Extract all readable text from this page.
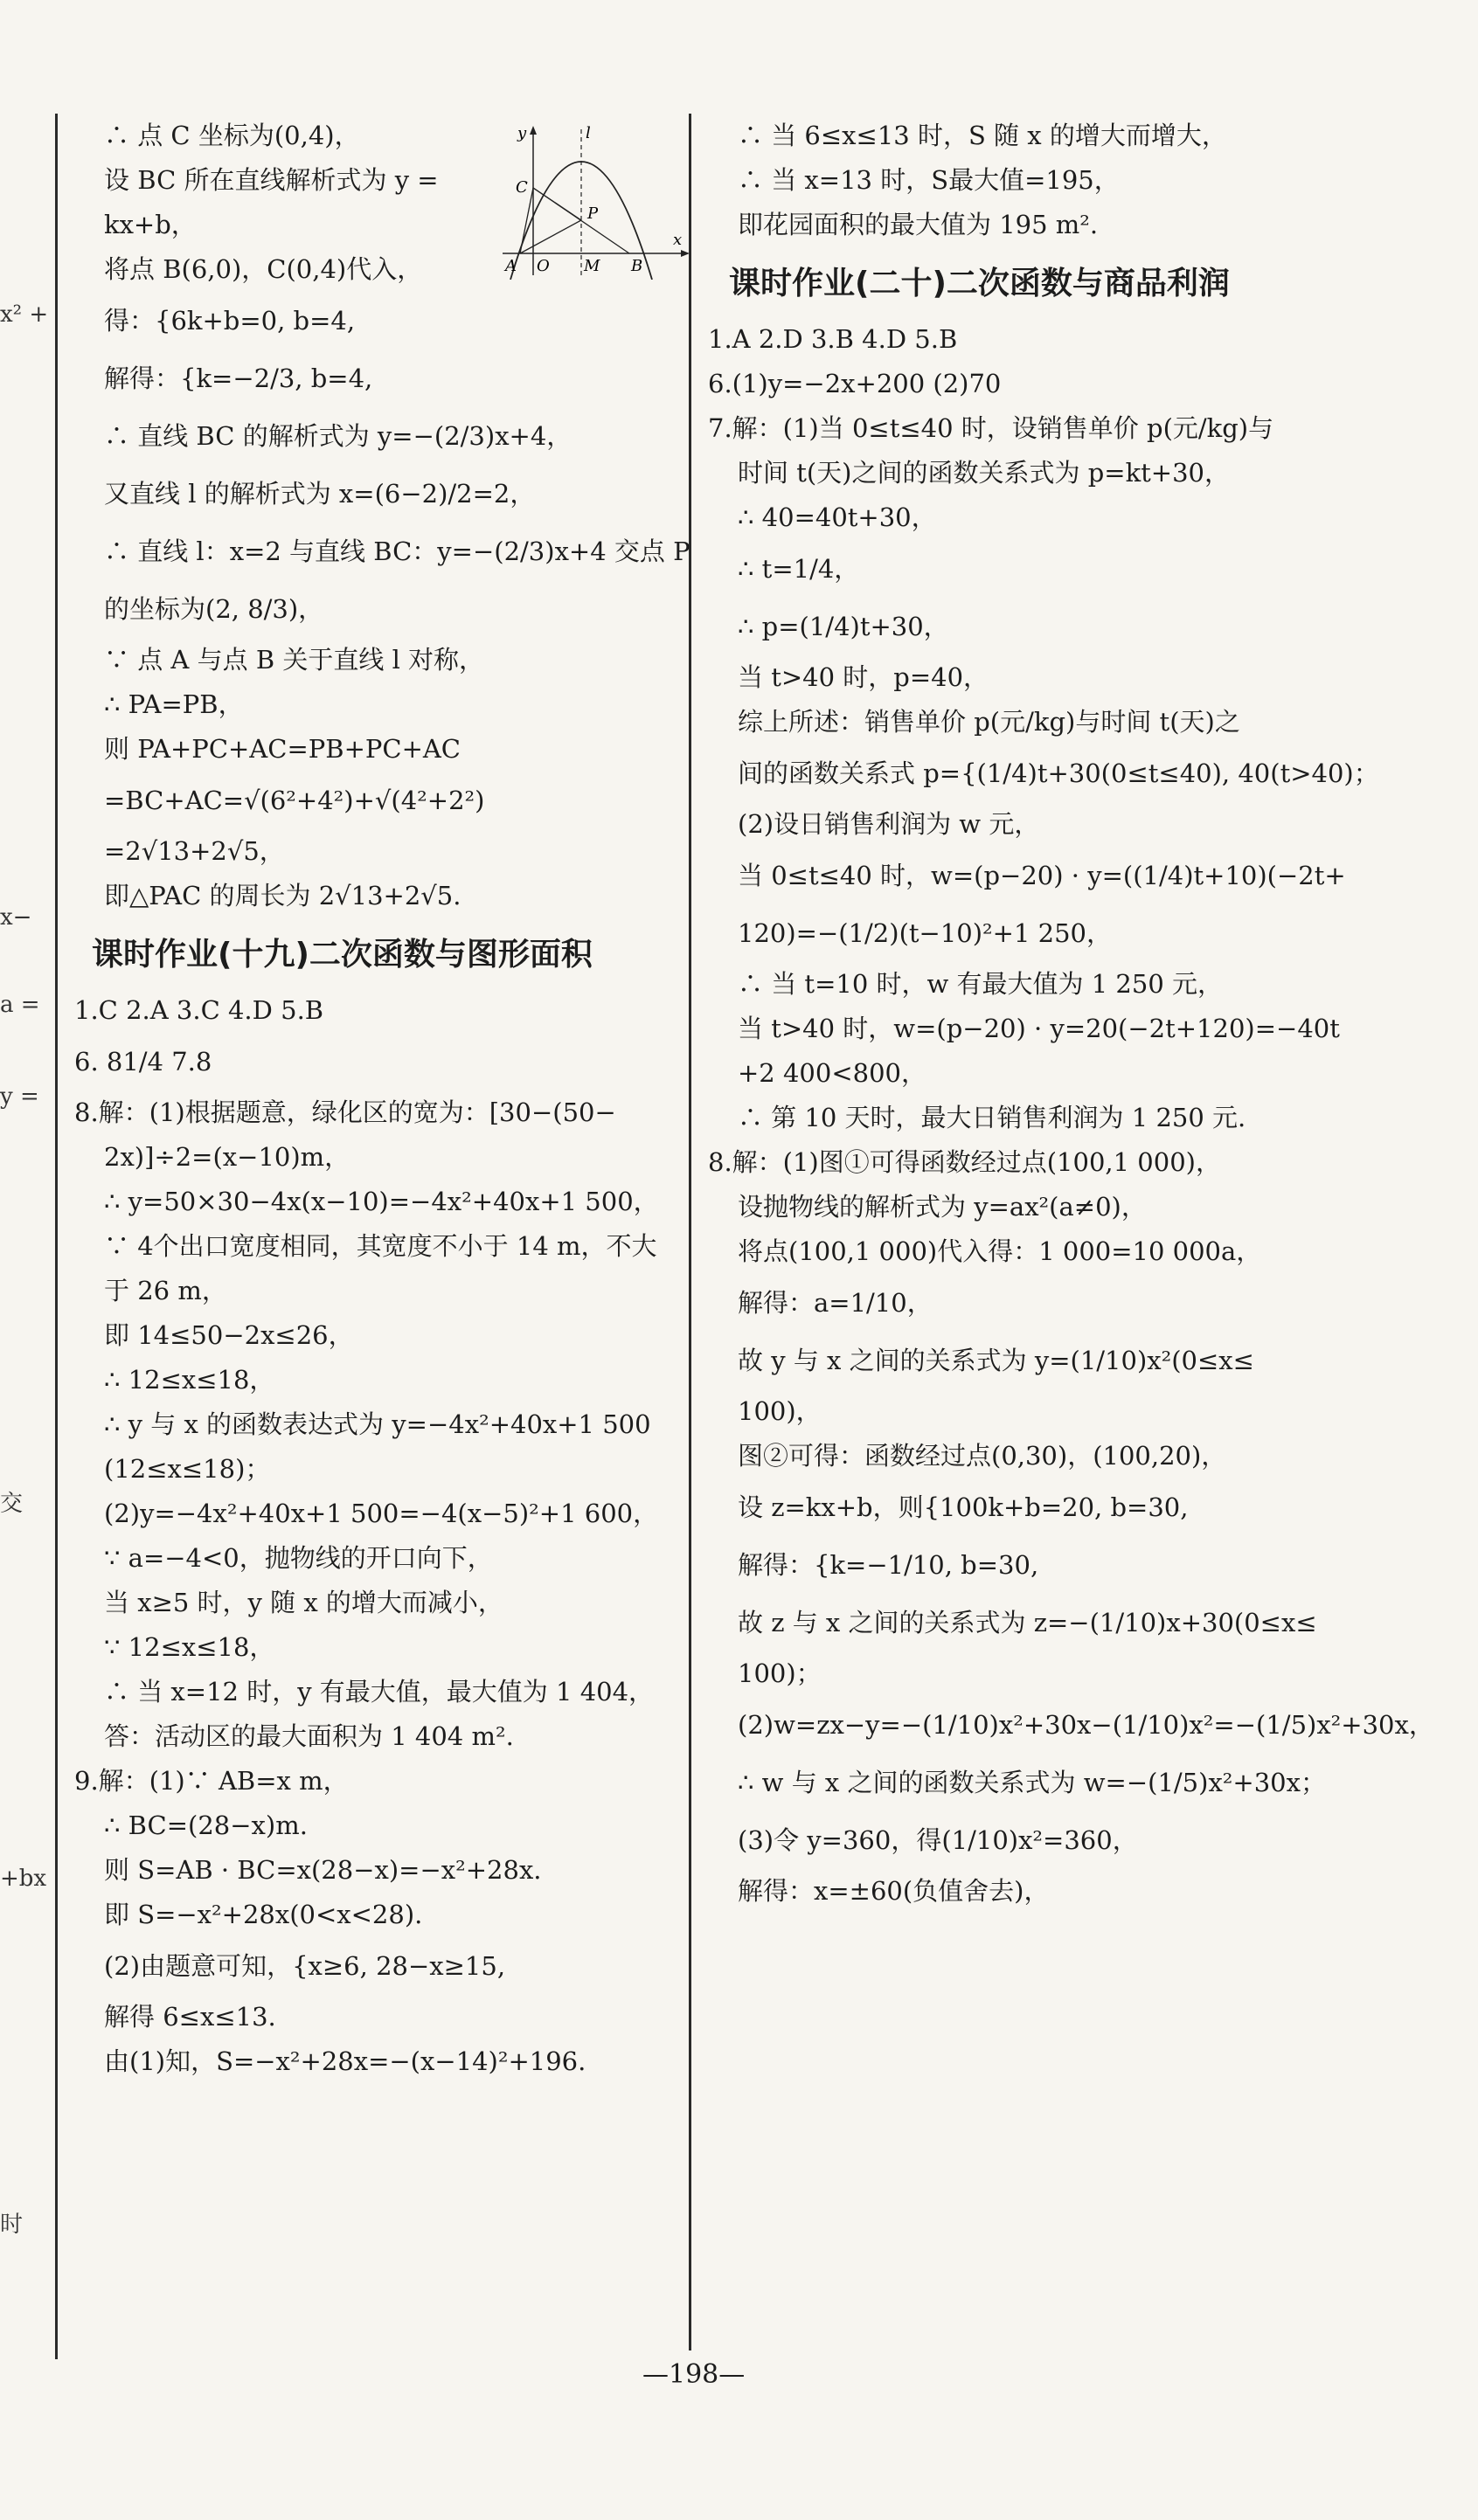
x² +
x−
a =
y =
交
+bx
时
y	l
C
P
A O M B
x
∴ 点 C 坐标为(0,4)，
设 BC 所在直线解析式为 y =
kx+b，
将点 B(6,0)，C(0,4)代入，
得：{6k+b=0, b=4,
解得：{k=−2/3, b=4,
∴ 直线 BC 的解析式为 y=−(2/3)x+4，
又直线 l 的解析式为 x=(6−2)/2=2，
∴ 直线 l：x=2 与直线 BC：y=−(2/3)x+4 交点 P
的坐标为(2, 8/3)，
∵ 点 A 与点 B 关于直线 l 对称，
∴ PA=PB，
则 PA+PC+AC=PB+PC+AC
=BC+AC=√(6²+4²)+√(4²+2²)
=2√13+2√5，
即△PAC 的周长为 2√13+2√5.
课时作业(十九)二次函数与图形面积
1.C 2.A 3.C 4.D 5.B
6. 81/4 7.8
8.解：(1)根据题意，绿化区的宽为：[30−(50−
2x)]÷2=(x−10)m，
∴ y=50×30−4x(x−10)=−4x²+40x+1 500，
∵ 4个出口宽度相同，其宽度不小于 14 m，不大
于 26 m，
即 14≤50−2x≤26，
∴ 12≤x≤18，
∴ y 与 x 的函数表达式为 y=−4x²+40x+1 500
(12≤x≤18)；
(2)y=−4x²+40x+1 500=−4(x−5)²+1 600，
∵ a=−4<0，抛物线的开口向下，
当 x≥5 时，y 随 x 的增大而减小，
∵ 12≤x≤18，
∴ 当 x=12 时，y 有最大值，最大值为 1 404，
答：活动区的最大面积为 1 404 m².
9.解：(1)∵ AB=x m，
∴ BC=(28−x)m.
则 S=AB · BC=x(28−x)=−x²+28x.
即 S=−x²+28x(0<x<28).
(2)由题意可知，{x≥6, 28−x≥15,
解得 6≤x≤13.
由(1)知，S=−x²+28x=−(x−14)²+196.
∴ 当 6≤x≤13 时，S 随 x 的增大而增大，
∴ 当 x=13 时，S最大值=195，
即花园面积的最大值为 195 m².
课时作业(二十)二次函数与商品利润
1.A 2.D 3.B 4.D 5.B
6.(1)y=−2x+200 (2)70
7.解：(1)当 0≤t≤40 时，设销售单价 p(元/kg)与
时间 t(天)之间的函数关系式为 p=kt+30，
∴ 40=40t+30，
∴ t=1/4，
∴ p=(1/4)t+30，
当 t>40 时，p=40，
综上所述：销售单价 p(元/kg)与时间 t(天)之
间的函数关系式 p={(1/4)t+30(0≤t≤40), 40(t>40)；
(2)设日销售利润为 w 元，
当 0≤t≤40 时，w=(p−20) · y=((1/4)t+10)(−2t+
120)=−(1/2)(t−10)²+1 250，
∴ 当 t=10 时，w 有最大值为 1 250 元，
当 t>40 时，w=(p−20) · y=20(−2t+120)=−40t
+2 400<800，
∴ 第 10 天时，最大日销售利润为 1 250 元.
8.解：(1)图①可得函数经过点(100,1 000)，
设抛物线的解析式为 y=ax²(a≠0)，
将点(100,1 000)代入得：1 000=10 000a，
解得：a=1/10，
故 y 与 x 之间的关系式为 y=(1/10)x²(0≤x≤
100)，
图②可得：函数经过点(0,30)，(100,20)，
设 z=kx+b，则{100k+b=20, b=30,
解得：{k=−1/10, b=30,
故 z 与 x 之间的关系式为 z=−(1/10)x+30(0≤x≤
100)；
(2)w=zx−y=−(1/10)x²+30x−(1/10)x²=−(1/5)x²+30x，
∴ w 与 x 之间的函数关系式为 w=−(1/5)x²+30x；
(3)令 y=360，得(1/10)x²=360，
解得：x=±60(负值舍去)，
—198—
